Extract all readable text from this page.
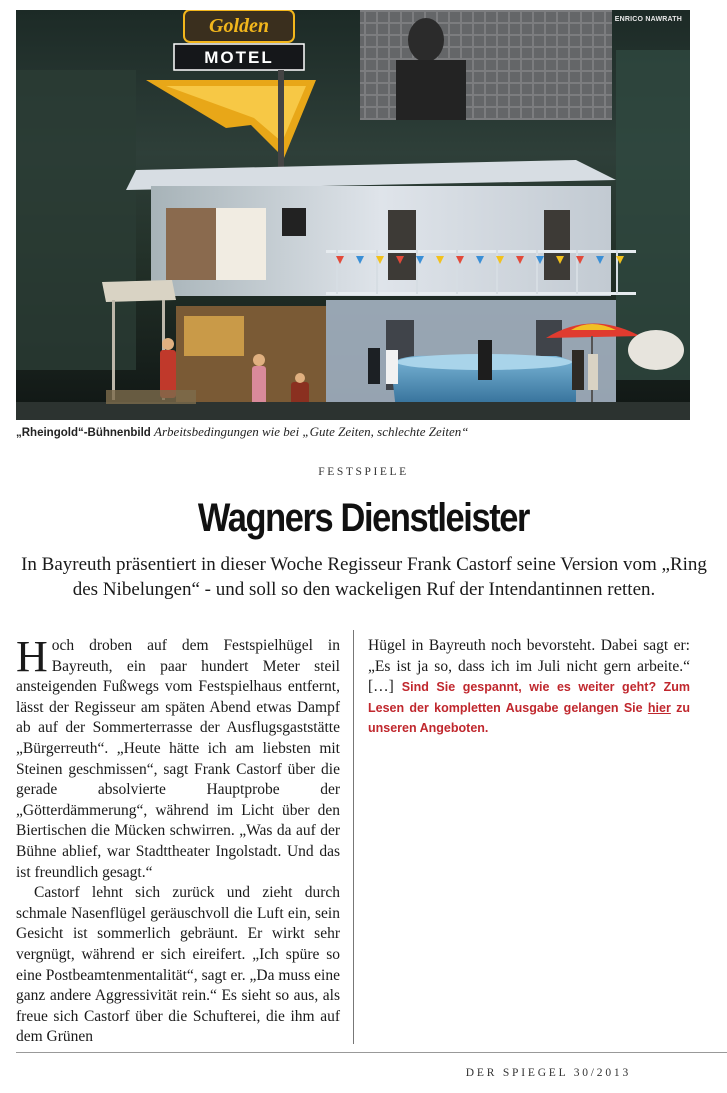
Golden
MOTEL
ENRICO NAWRATH
„Rheingold“-Bühnenbild Arbeitsbedingungen wie bei „Gute Zeiten, schlechte Zeiten“
FESTSPIELE
Wagners Dienstleister
In Bayreuth präsentiert in dieser Woche Regisseur Frank Castorf seine Version vom „Ring des Nibelungen“ - und soll so den wackeligen Ruf der Intendantinnen retten.

Hoch droben auf dem Festspielhügel in Bayreuth, ein paar hundert Meter steil ansteigenden Fußwegs vom Festspielhaus entfernt, lässt der Regisseur am späten Abend etwas Dampf ab auf der Sommerterrasse der Ausflugsgaststätte „Bürgerreuth“. „Heute hätte ich am liebsten mit Steinen geschmissen“, sagt Frank Castorf über die gerade absolvierte Hauptprobe der „Götterdämmerung“, während im Licht über den Biertischen die Mücken schwirren. „Was da auf der Bühne ablief, war Stadttheater Ingolstadt. Und das ist freundlich gesagt.“

Castorf lehnt sich zurück und zieht durch schmale Nasenflügel geräuschvoll die Luft ein, sein Gesicht ist sommerlich gebräunt. Er wirkt sehr vergnügt, während er sich eireifert. „Ich spüre so eine Postbeamtenmentalität“, sagt er. „Da muss eine ganz andere Aggressivität rein.“ Es sieht so aus, als freue sich Castorf über die Schufterei, die ihm auf dem Grünen

Hügel in Bayreuth noch bevorsteht. Dabei sagt er: „Es ist ja so, dass ich im Juli nicht gern arbeite.“ […] Sind Sie gespannt, wie es weiter geht? Zum Lesen der kompletten Ausgabe gelangen Sie hier zu unseren Angeboten.

DER SPIEGEL 30/2013
